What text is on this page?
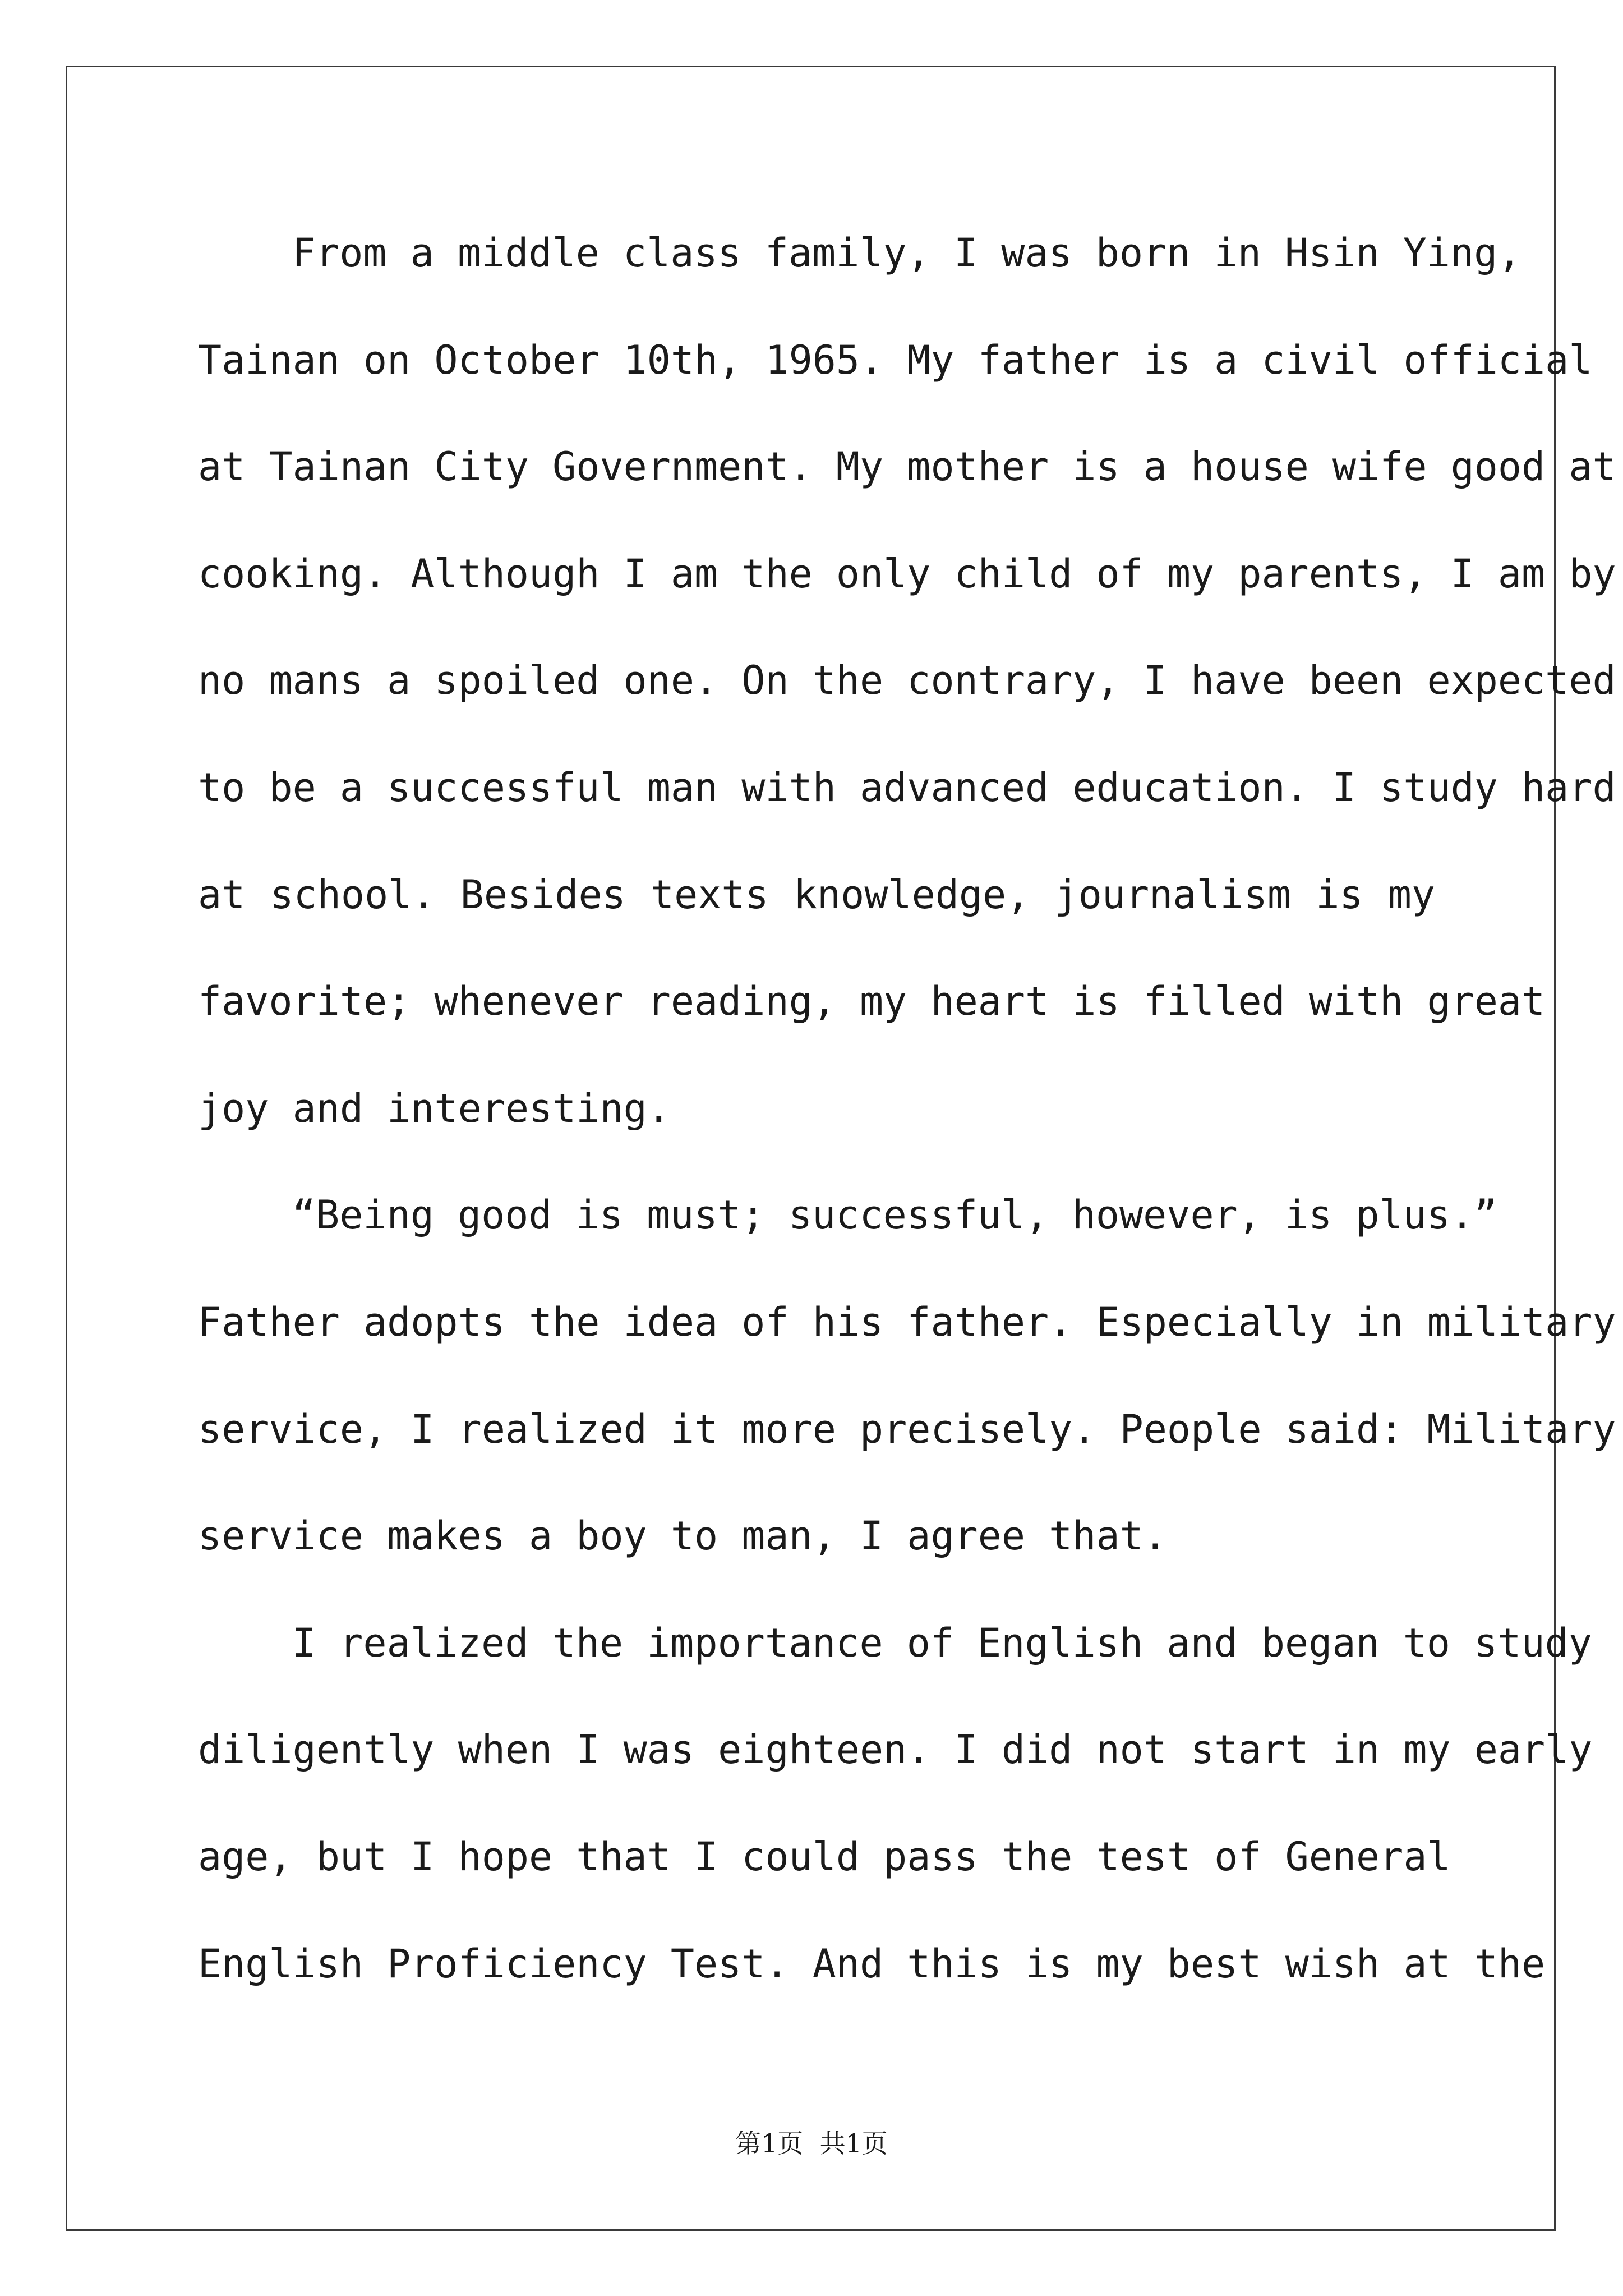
From a middle class family, I was born in Hsin Ying,
Tainan on October 10th, 1965. My father is a civil official
at Tainan City Government. My mother is a house wife good at
cooking. Although I am the only child of my parents, I am by
no mans a spoiled one. On the contrary, I have been expected
to be a successful man with advanced education. I study hard
at school. Besides texts knowledge, journalism is my
favorite; whenever reading, my heart is filled with great
joy and interesting.
“Being good is must; successful, however, is plus.”
Father adopts the idea of his father. Especially in military
service, I realized it more precisely. People said: Military
service makes a boy to man, I agree that.
I realized the importance of English and began to study
diligently when I was eighteen. I did not start in my early
age, but I hope that I could pass the test of General
English Proficiency Test. And this is my best wish at the
第1页  共1页
